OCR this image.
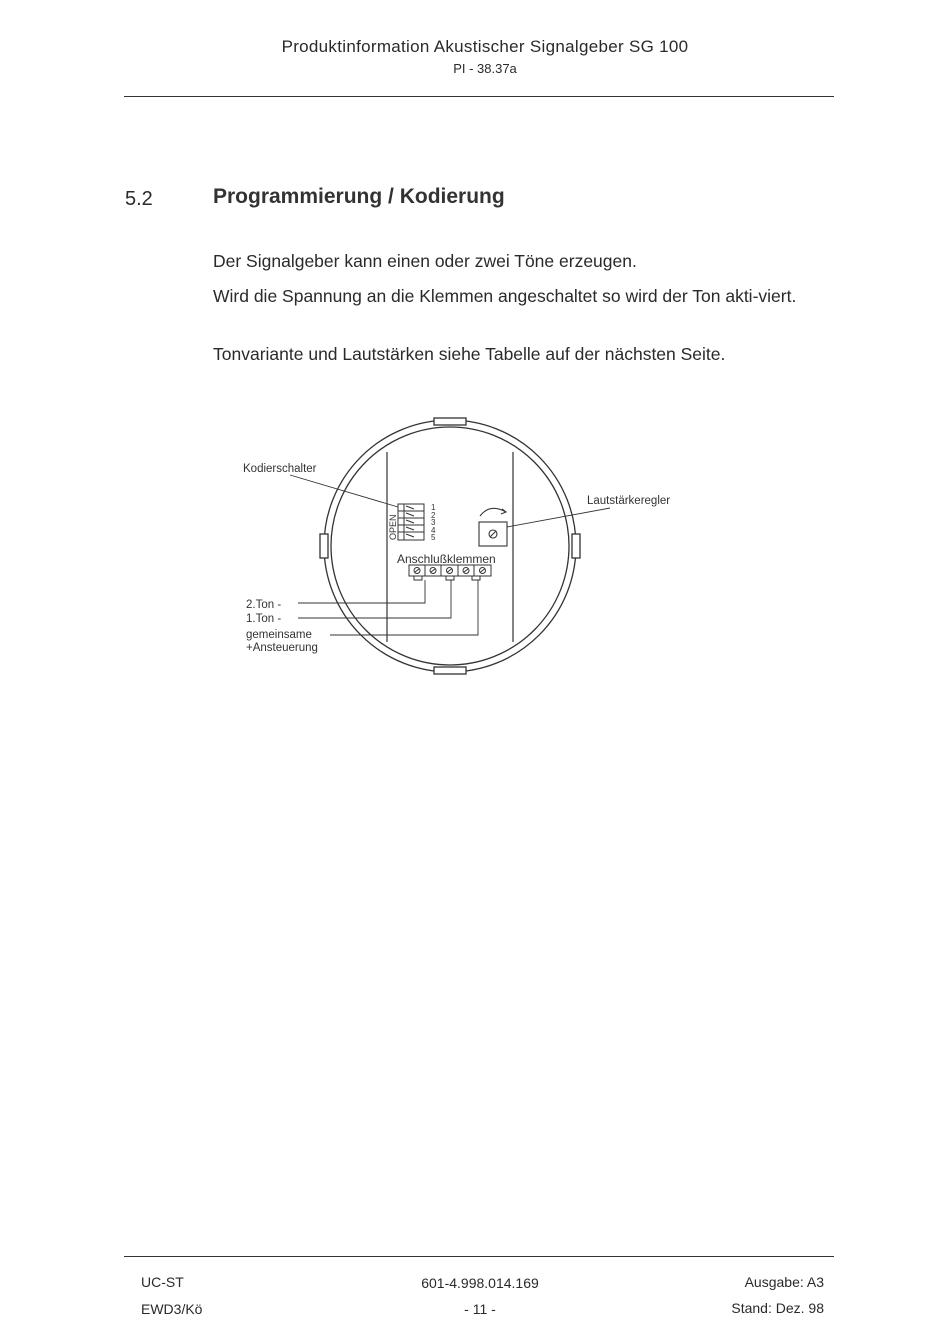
Produktinformation Akustischer Signalgeber SG 100
PI - 38.37a
5.2	Programmierung / Kodierung

Der Signalgeber kann einen oder zwei Töne erzeugen.

Wird die Spannung an die Klemmen angeschaltet so wird der Ton akti-viert.

Tonvariante und Lautstärken siehe Tabelle auf der nächsten Seite.

OPEN
1
2
3
4
5
Anschlußklemmen
Kodierschalter
Lautstärkeregler
2.Ton -
1.Ton -
gemeinsame
+Ansteuerung
UC-ST
EWD3/Kö
601-4.998.014.169
- 11 -
Ausgabe: A3
Stand: Dez. 98
